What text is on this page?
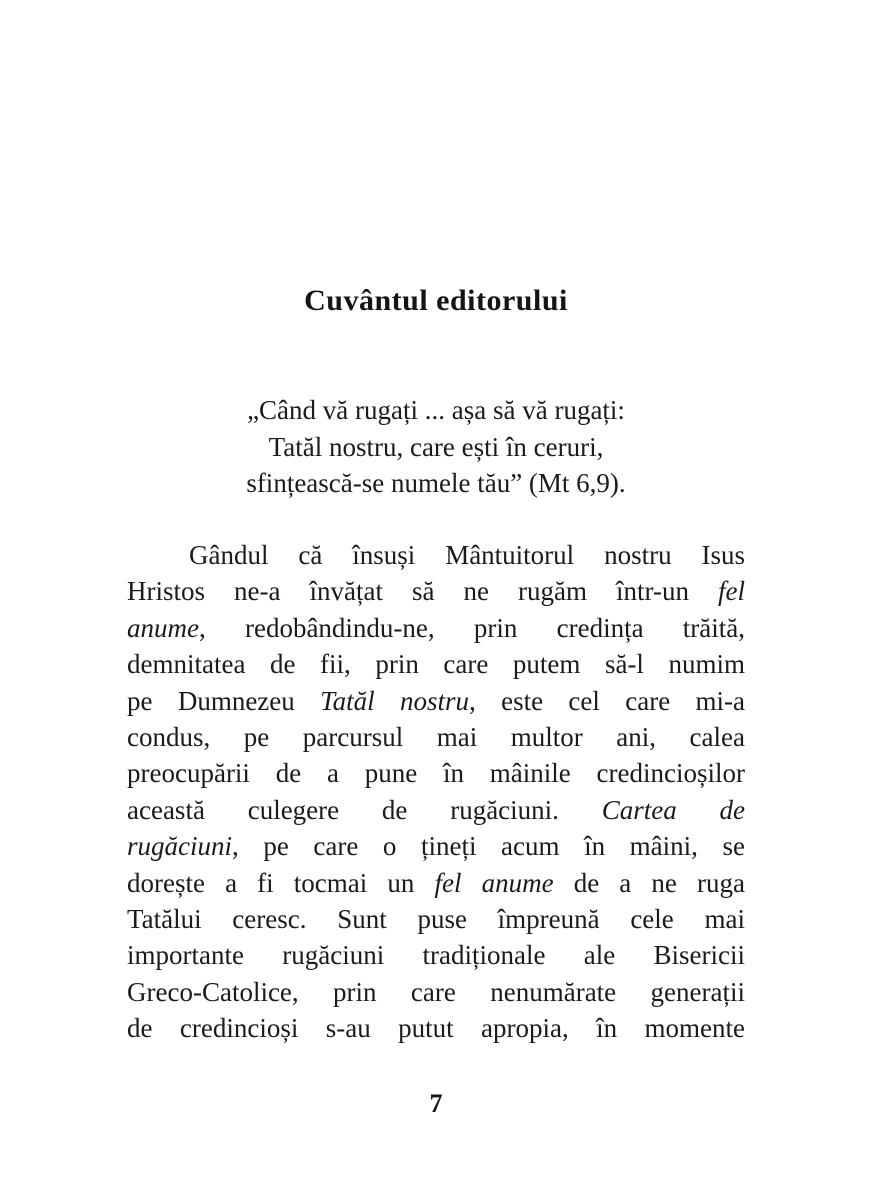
Cuvântul editorului
„Când vă rugați ... așa să vă rugați:
Tatăl nostru, care ești în ceruri,
sfințească-se numele tău” (Mt 6,9).
Gândul că însuși Mântuitorul nostru Isus
Hristos ne-a învățat să ne rugăm într-un fel
anume, redobândindu-ne, prin credința trăită,
demnitatea de fii, prin care putem să-l numim
pe Dumnezeu Tatăl nostru, este cel care mi-a
condus, pe parcursul mai multor ani, calea
preocupării de a pune în mâinile credincioșilor
această culegere de rugăciuni. Cartea de
rugăciuni, pe care o țineți acum în mâini, se
dorește a fi tocmai un fel anume de a ne ruga
Tatălui ceresc. Sunt puse împreună cele mai
importante rugăciuni tradiționale ale Bisericii
Greco-Catolice, prin care nenumărate generații
de credincioși s-au putut apropia, în momente
7
